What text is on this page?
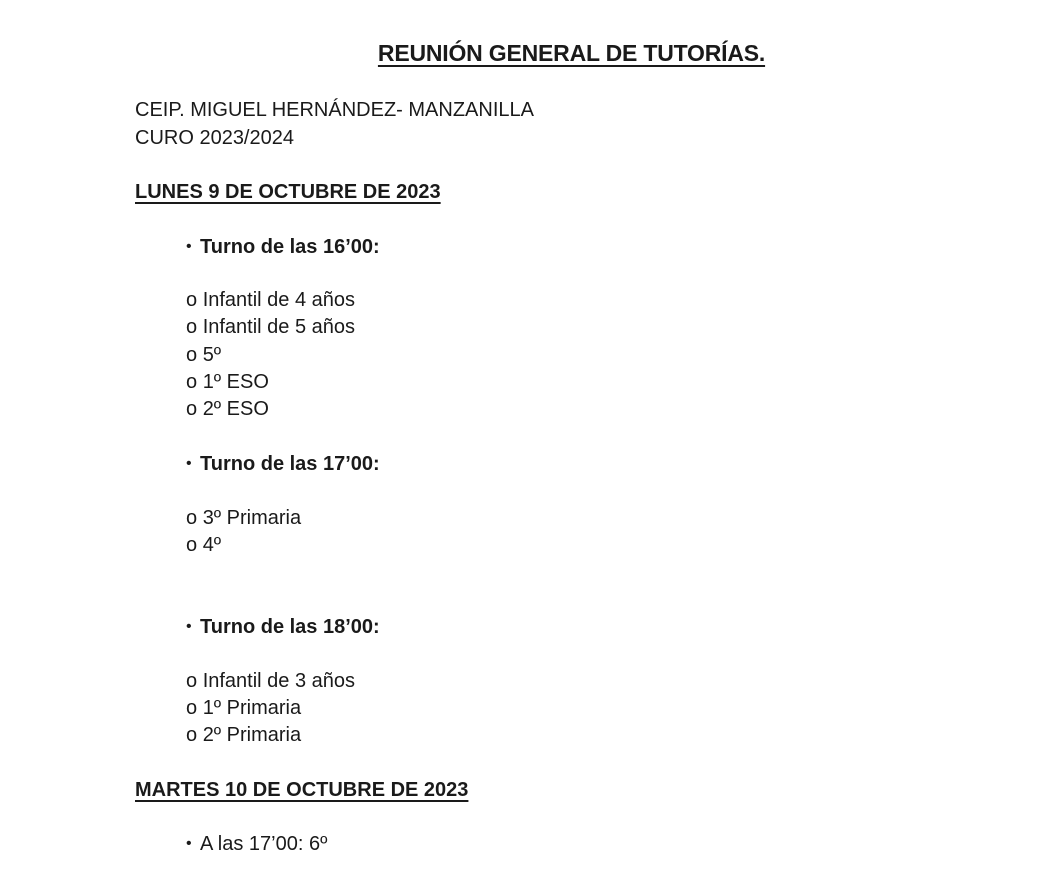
REUNIÓN GENERAL DE TUTORÍAS.
CEIP. MIGUEL HERNÁNDEZ- MANZANILLA
CURO 2023/2024
LUNES 9 DE OCTUBRE DE 2023
• Turno de las 16’00:
o Infantil de 4 años
o Infantil de 5 años
o 5º
o 1º ESO
o 2º ESO
• Turno de las 17’00:
o 3º Primaria
o 4º
• Turno de las 18’00:
o Infantil de 3 años
o 1º Primaria
o 2º Primaria
MARTES 10 DE OCTUBRE DE 2023
• A las 17’00: 6º
